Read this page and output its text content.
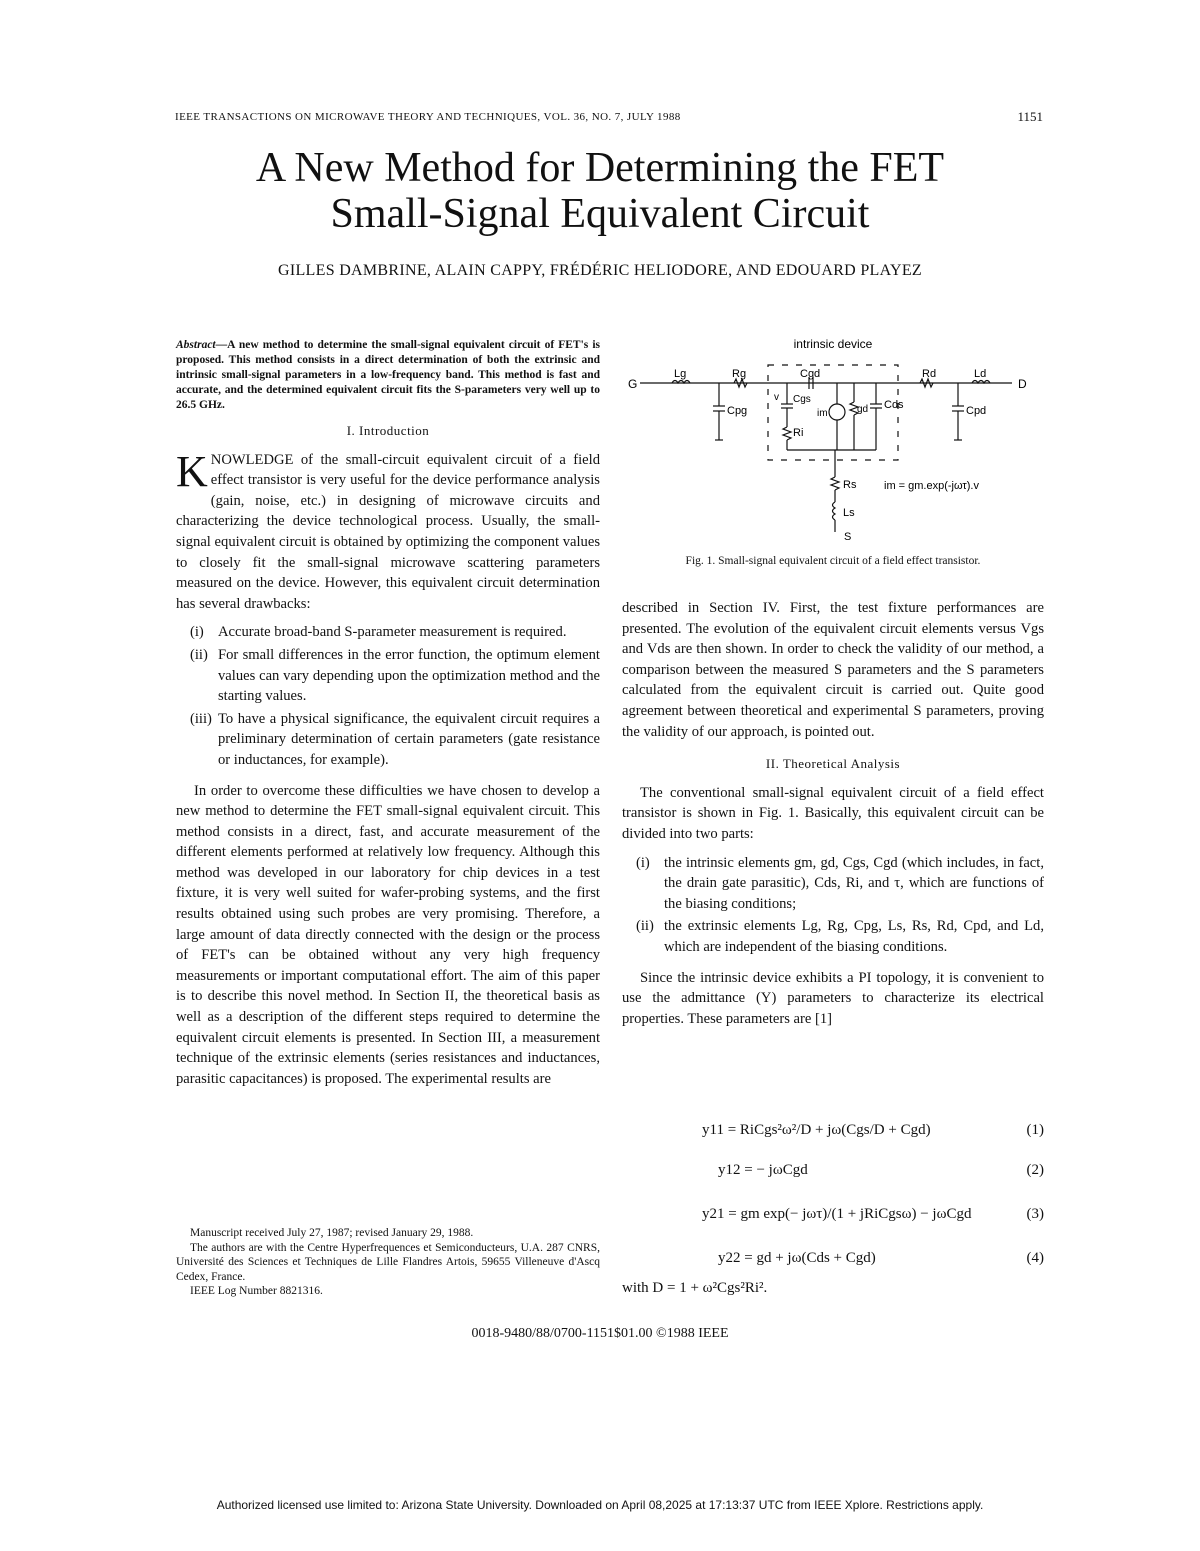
IEEE TRANSACTIONS ON MICROWAVE THEORY AND TECHNIQUES, VOL. 36, NO. 7, JULY 1988	1151
A New Method for Determining the FET
Small-Signal Equivalent Circuit
GILLES DAMBRINE, ALAIN CAPPY, FRÉDÉRIC HELIODORE, AND EDOUARD PLAYEZ
Abstract—A new method to determine the small-signal equivalent circuit of FET's is proposed. This method consists in a direct determination of both the extrinsic and intrinsic small-signal parameters in a low-frequency band. This method is fast and accurate, and the determined equivalent circuit fits the S-parameters very well up to 26.5 GHz.
I. Introduction

KNOWLEDGE of the small-circuit equivalent circuit of a field effect transistor is very useful for the device performance analysis (gain, noise, etc.) in designing of microwave circuits and characterizing the device technological process. Usually, the small-signal equivalent circuit is obtained by optimizing the component values to closely fit the small-signal microwave scattering parameters measured on the device. However, this equivalent circuit determination has several drawbacks:

(i) Accurate broad-band S-parameter measurement is required.
(ii) For small differences in the error function, the optimum element values can vary depending upon the optimization method and the starting values.
(iii) To have a physical significance, the equivalent circuit requires a preliminary determination of certain parameters (gate resistance or inductances, for example).

In order to overcome these difficulties we have chosen to develop a new method to determine the FET small-signal equivalent circuit. This method consists in a direct, fast, and accurate measurement of the different elements performed at relatively low frequency. Although this method was developed in our laboratory for chip devices in a test fixture, it is very well suited for wafer-probing systems, and the first results obtained using such probes are very promising. Therefore, a large amount of data directly connected with the design or the process of FET's can be obtained without any very high frequency measurements or important computational effort. The aim of this paper is to describe this novel method. In Section II, the theoretical basis as well as a description of the different steps required to determine the equivalent circuit elements is presented. In Section III, a measurement technique of the extrinsic elements (series resistances and inductances, parasitic capacitances) is proposed. The experimental results are

Manuscript received July 27, 1987; revised January 29, 1988.

The authors are with the Centre Hyperfrequences et Semiconducteurs, U.A. 287 CNRS, Université des Sciences et Techniques de Lille Flandres Artois, 59655 Villeneuve d'Ascq Cedex, France.

IEEE Log Number 8821316.

intrinsic device
G	D
S
Lg	Rg	Cgd	Rd	Ld
Cpg
Cgs
v
im	gd Cds	Cpd
Ri
Rs
Ls
im = gm.exp(-jωτ).v
Fig. 1. Small-signal equivalent circuit of a field effect transistor.

described in Section IV. First, the test fixture performances are presented. The evolution of the equivalent circuit elements versus Vgs and Vds are then shown. In order to check the validity of our method, a comparison between the measured S parameters and the S parameters calculated from the equivalent circuit is carried out. Quite good agreement between theoretical and experimental S parameters, proving the validity of our approach, is pointed out.

II. Theoretical Analysis

The conventional small-signal equivalent circuit of a field effect transistor is shown in Fig. 1. Basically, this equivalent circuit can be divided into two parts:

(i) the intrinsic elements gm, gd, Cgs, Cgd (which includes, in fact, the drain gate parasitic), Cds, Ri, and τ, which are functions of the biasing conditions;
(ii) the extrinsic elements Lg, Rg, Cpg, Ls, Rs, Rd, Cpd, and Ld, which are independent of the biasing conditions.

Since the intrinsic device exhibits a PI topology, it is convenient to use the admittance (Y) parameters to characterize its electrical properties. These parameters are [1]

y11 = RiCgs²ω²/D + jω(Cgs/D + Cgd)	(1)
y12 = − jωCgd	(2)
y21 = gm exp(− jωτ)/(1 + jRiCgsω) − jωCgd	(3)
y22 = gd + jω(Cds + Cgd)	(4)
with D = 1 + ω²Cgs²Ri².
0018-9480/88/0700-1151$01.00 ©1988 IEEE
Authorized licensed use limited to: Arizona State University. Downloaded on April 08,2025 at 17:13:37 UTC from IEEE Xplore. Restrictions apply.
